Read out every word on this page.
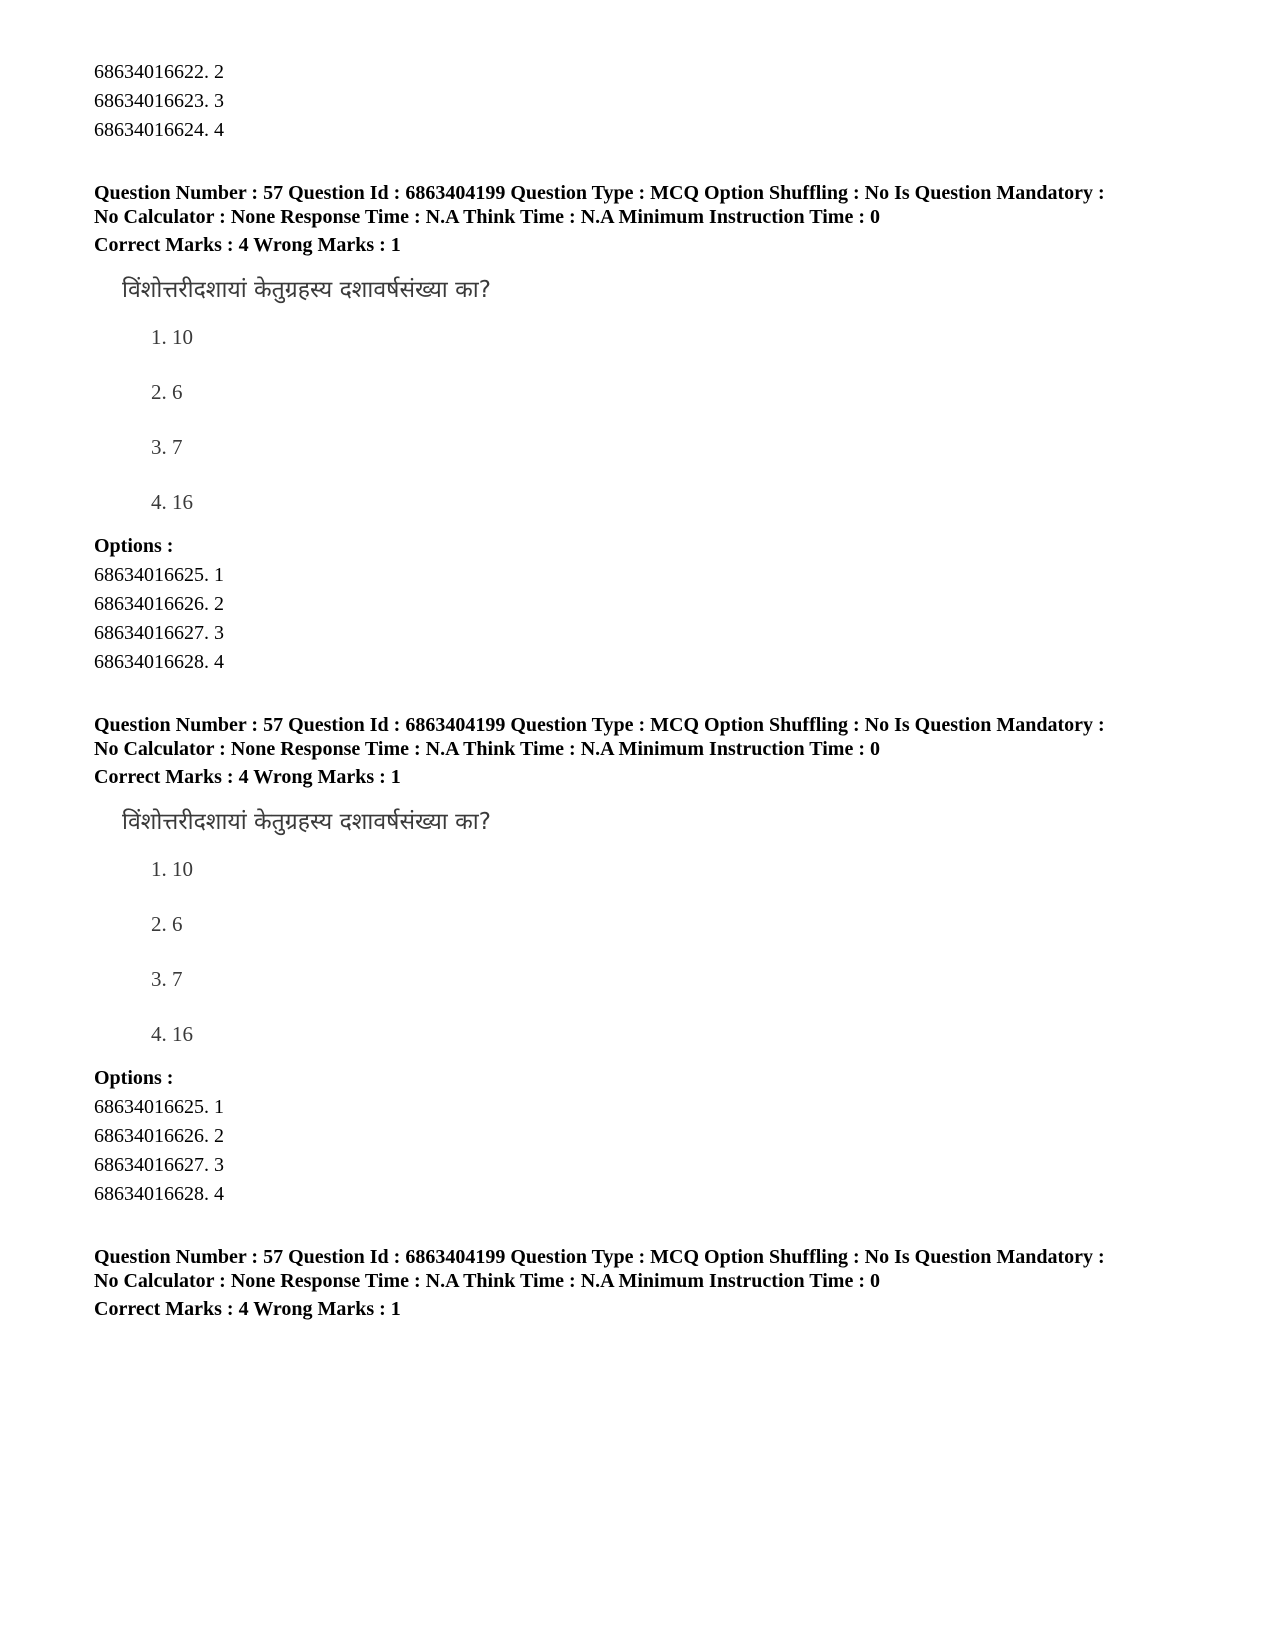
68634016622. 2
68634016623. 3
68634016624. 4
Question Number : 57 Question Id : 6863404199 Question Type : MCQ Option Shuffling : No Is Question Mandatory :
No Calculator : None Response Time : N.A Think Time : N.A Minimum Instruction Time : 0
Correct Marks : 4 Wrong Marks : 1
विंशोत्तरीदशायां केतुग्रहस्य दशावर्षसंख्या का?
1. 10
2. 6
3. 7
4. 16
Options :
68634016625. 1
68634016626. 2
68634016627. 3
68634016628. 4
Question Number : 57 Question Id : 6863404199 Question Type : MCQ Option Shuffling : No Is Question Mandatory :
No Calculator : None Response Time : N.A Think Time : N.A Minimum Instruction Time : 0
Correct Marks : 4 Wrong Marks : 1
विंशोत्तरीदशायां केतुग्रहस्य दशावर्षसंख्या का?
1. 10
2. 6
3. 7
4. 16
Options :
68634016625. 1
68634016626. 2
68634016627. 3
68634016628. 4
Question Number : 57 Question Id : 6863404199 Question Type : MCQ Option Shuffling : No Is Question Mandatory :
No Calculator : None Response Time : N.A Think Time : N.A Minimum Instruction Time : 0
Correct Marks : 4 Wrong Marks : 1
